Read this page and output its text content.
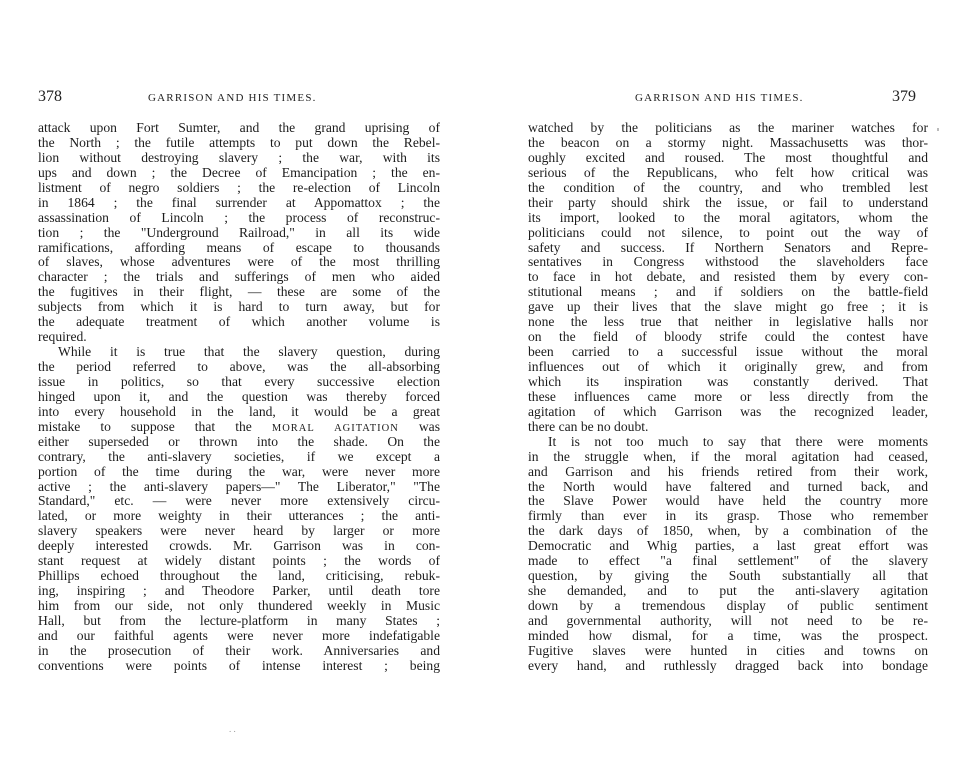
378	GARRISON AND HIS TIMES.
attack upon Fort Sumter, and the grand uprising of
the North ; the futile attempts to put down the Rebel-
lion without destroying slavery ; the war, with its
ups and down ; the Decree of Emancipation ; the en-
listment of negro soldiers ; the re-election of Lincoln
in 1864 ; the final surrender at Appomattox ; the
assassination of Lincoln ; the process of reconstruc-
tion ; the "Underground Railroad," in all its wide
ramifications, affording means of escape to thousands
of slaves, whose adventures were of the most thrilling
character ; the trials and sufferings of men who aided
the fugitives in their flight, — these are some of the
subjects from which it is hard to turn away, but for
the adequate treatment of which another volume is
required.
While it is true that the slavery question, during
the period referred to above, was the all-absorbing
issue in politics, so that every successive election
hinged upon it, and the question was thereby forced
into every household in the land, it would be a great
mistake to suppose that the MORAL AGITATION was
either superseded or thrown into the shade. On the
contrary, the anti-slavery societies, if we except a
portion of the time during the war, were never more
active ; the anti-slavery papers—" The Liberator," "The
Standard," etc. — were never more extensively circu-
lated, or more weighty in their utterances ; the anti-
slavery speakers were never heard by larger or more
deeply interested crowds. Mr. Garrison was in con-
stant request at widely distant points ; the words of
Phillips echoed throughout the land, criticising, rebuk-
ing, inspiring ; and Theodore Parker, until death tore
him from our side, not only thundered weekly in Music
Hall, but from the lecture-platform in many States ;
and our faithful agents were never more indefatigable
in the prosecution of their work. Anniversaries and
conventions were points of intense interest ; being
379
GARRISON AND HIS TIMES.
watched by the politicians as the mariner watches for
the beacon on a stormy night. Massachusetts was thor-
oughly excited and roused. The most thoughtful and
serious of the Republicans, who felt how critical was
the condition of the country, and who trembled lest
their party should shirk the issue, or fail to understand
its import, looked to the moral agitators, whom the
politicians could not silence, to point out the way of
safety and success. If Northern Senators and Repre-
sentatives in Congress withstood the slaveholders face
to face in hot debate, and resisted them by every con-
stitutional means ; and if soldiers on the battle-field
gave up their lives that the slave might go free ; it is
none the less true that neither in legislative halls nor
on the field of bloody strife could the contest have
been carried to a successful issue without the moral
influences out of which it originally grew, and from
which its inspiration was constantly derived. That
these influences came more or less directly from the
agitation of which Garrison was the recognized leader,
there can be no doubt.
It is not too much to say that there were moments
in the struggle when, if the moral agitation had ceased,
and Garrison and his friends retired from their work,
the North would have faltered and turned back, and
the Slave Power would have held the country more
firmly than ever in its grasp. Those who remember
the dark days of 1850, when, by a combination of the
Democratic and Whig parties, a last great effort was
made to effect "a final settlement" of the slavery
question, by giving the South substantially all that
she demanded, and to put the anti-slavery agitation
down by a tremendous display of public sentiment
and governmental authority, will not need to be re-
minded how dismal, for a time, was the prospect.
Fugitive slaves were hunted in cities and towns on
every hand, and ruthlessly dragged back into bondage
. .
